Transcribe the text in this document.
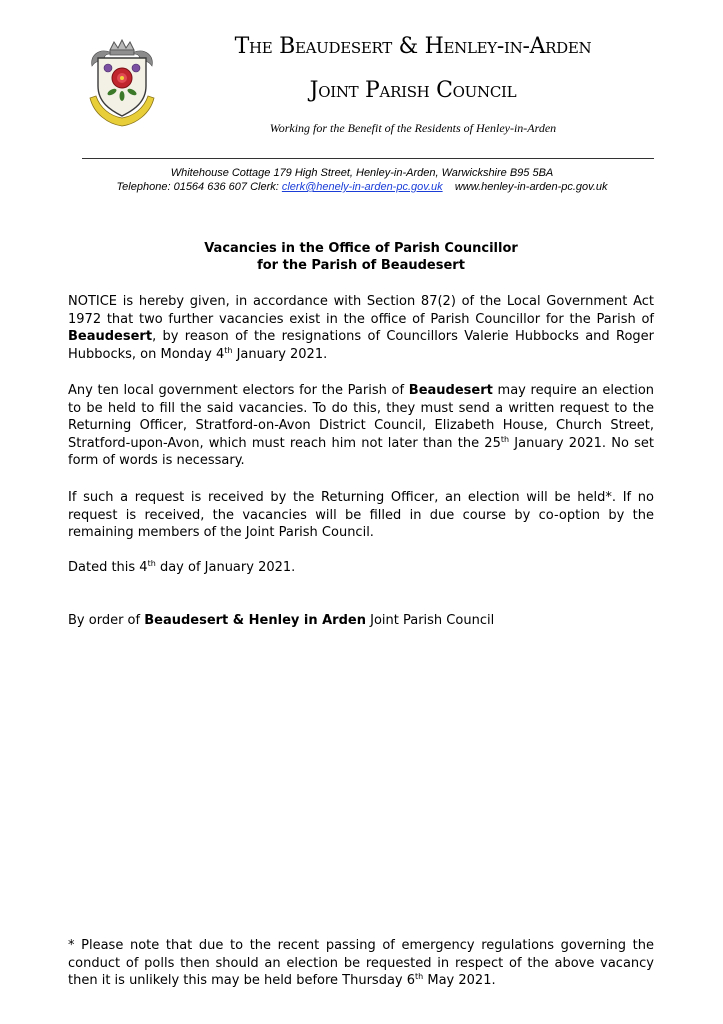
The Beaudesert & Henley-in-Arden
Joint Parish Council
Working for the Benefit of the Residents of Henley-in-Arden
Whitehouse Cottage 179 High Street, Henley-in-Arden, Warwickshire B95 5BA
Telephone: 01564 636 607 Clerk: clerk@henely-in-arden-pc.gov.uk www.henley-in-arden-pc.gov.uk
Vacancies in the Office of Parish Councillor
for the Parish of Beaudesert

NOTICE is hereby given, in accordance with Section 87(2) of the Local Government Act 1972 that two further vacancies exist in the office of Parish Councillor for the Parish of Beaudesert, by reason of the resignations of Councillors Valerie Hubbocks and Roger Hubbocks, on Monday 4th January 2021.

Any ten local government electors for the Parish of Beaudesert may require an election to be held to fill the said vacancies. To do this, they must send a written request to the Returning Officer, Stratford-on-Avon District Council, Elizabeth House, Church Street, Stratford-upon-Avon, which must reach him not later than the 25th January 2021. No set form of words is necessary.

If such a request is received by the Returning Officer, an election will be held*. If no request is received, the vacancies will be filled in due course by co-option by the remaining members of the Joint Parish Council.

Dated this 4th day of January 2021.

By order of Beaudesert & Henley in Arden Joint Parish Council

* Please note that due to the recent passing of emergency regulations governing the conduct of polls then should an election be requested in respect of the above vacancy then it is unlikely this may be held before Thursday 6th May 2021.
